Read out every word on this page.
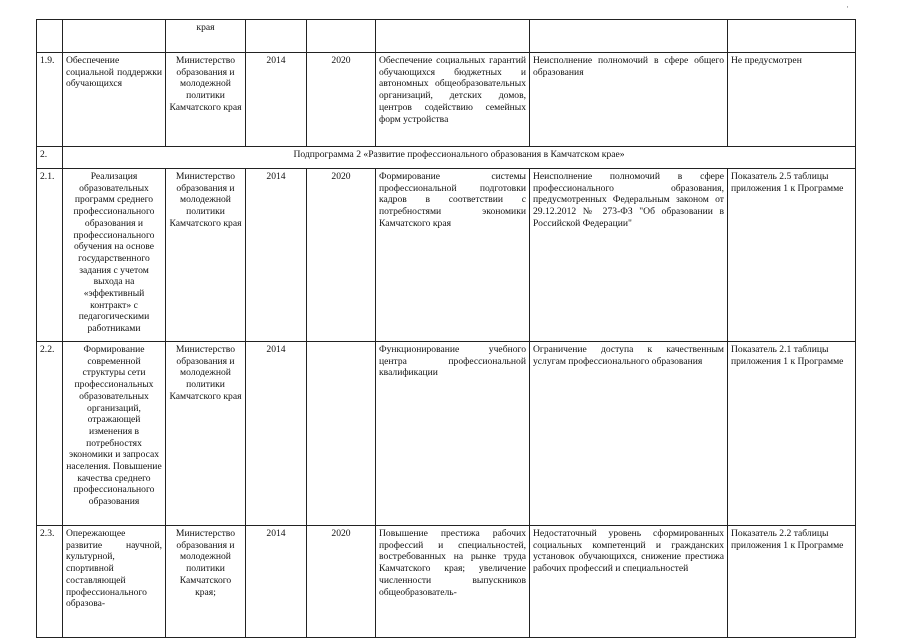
·
		края					
1.9.	Обеспечение социальной поддержки обучающихся	Министерство образования и молодежной политики Камчатского края	2014	2020	Обеспечение социальных гарантий обучающихся бюджетных и автономных общеобразовательных организаций, детских домов, центров содействию семейных форм устройства	Неисполнение полномочий в сфере общего образования	Не предусмотрен
2.	Подпрограмма 2 «Развитие профессионального образования в Камчатском крае»						
2.1.	Реализация образовательных программ среднего профессионального образования и профессионального обучения на основе государственного задания с учетом выхода на «эффективный контракт» с педагогическими работниками	Министерство образования и молодежной политики Камчатского края	2014	2020	Формирование системы профессиональной подготовки кадров в соответствии с потребностями экономики Камчатского края	Неисполнение полномочий в сфере профессионального образования, предусмотренных Федеральным законом от 29.12.2012 № 273-ФЗ "Об образовании в Российской Федерации"	Показатель 2.5 таблицы приложения 1 к Программе
2.2.	Формирование современной структуры сети профессиональных образовательных организаций, отражающей изменения в потребностях экономики и запросах населения. Повышение качества среднего профессионального образования	Министерство образования и молодежной политики Камчатского края	2014		Функционирование учебного центра профессиональной квалификации	Ограничение доступа к качественным услугам профессионального образования	Показатель 2.1 таблицы приложения 1 к Программе
2.3.	Опережающее развитие научной, культурной, спортивной составляющей профессионального образова-	Министерство образования и молодежной политики Камчатского края;	2014	2020	Повышение престижа рабочих профессий и специальностей, востребованных на рынке труда Камчатского края; увеличение численности выпускников общеобразователь-	Недостаточный уровень сформированных социальных компетенций и гражданских установок обучающихся, снижение престижа рабочих профессий и специальностей	Показатель 2.2 таблицы приложения 1 к Программе
